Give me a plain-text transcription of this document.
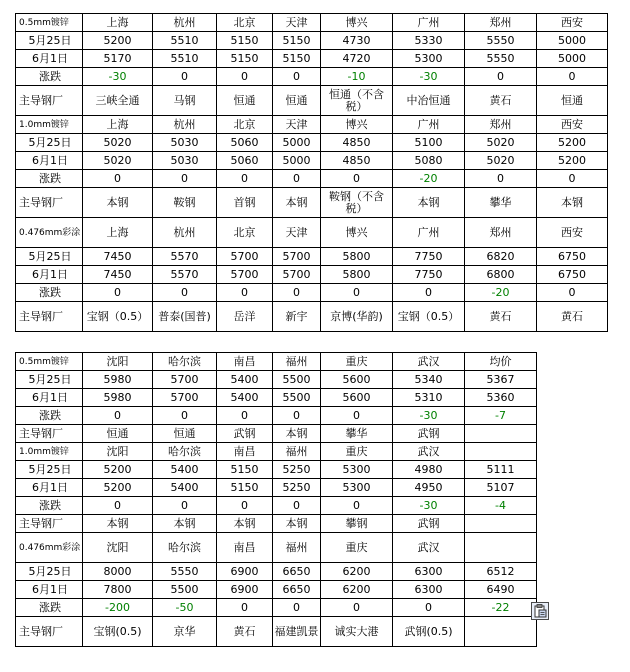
0.5mm镀锌	上海	杭州	北京	天津	博兴	广州	郑州	西安
5月25日	5200	5510	5150	5150	4730	5330	5550	5000
6月1日	5170	5510	5150	5150	4720	5300	5550	5000
涨跌	-30	0	0	0	-10	-30	0	0
主导钢厂	三峡全通	马钢	恒通	恒通	恒通（不含税）	中冶恒通	黄石	恒通
1.0mm镀锌	上海	杭州	北京	天津	博兴	广州	郑州	西安
5月25日	5020	5030	5060	5000	4850	5100	5020	5200
6月1日	5020	5030	5060	5000	4850	5080	5020	5200
涨跌	0	0	0	0	0	-20	0	0
主导钢厂	本钢	鞍钢	首钢	本钢	鞍钢（不含税）	本钢	攀华	本钢
0.476mm彩涂	上海	杭州	北京	天津	博兴	广州	郑州	西安
5月25日	7450	5570	5700	5700	5800	7750	6820	6750
6月1日	7450	5570	5700	5700	5800	7750	6800	6750
涨跌	0	0	0	0	0	0	-20	0
主导钢厂	宝钢（0.5）	普泰(国普)	岳洋	新宇	京博(华韵)	宝钢（0.5）	黄石	黄石
0.5mm镀锌	沈阳	哈尔滨	南昌	福州	重庆	武汉	均价
5月25日	5980	5700	5400	5500	5600	5340	5367
6月1日	5980	5700	5400	5500	5600	5310	5360
涨跌	0	0	0	0	0	-30	-7
主导钢厂	恒通	恒通	武钢	本钢	攀华	武钢	
1.0mm镀锌	沈阳	哈尔滨	南昌	福州	重庆	武汉	
5月25日	5200	5400	5150	5250	5300	4980	5111
6月1日	5200	5400	5150	5250	5300	4950	5107
涨跌	0	0	0	0	0	-30	-4
主导钢厂	本钢	本钢	本钢	本钢	攀钢	武钢	
0.476mm彩涂	沈阳	哈尔滨	南昌	福州	重庆	武汉	
5月25日	8000	5550	6900	6650	6200	6300	6512
6月1日	7800	5500	6900	6650	6200	6300	6490
涨跌	-200	-50	0	0	0	0	-22
主导钢厂	宝钢(0.5)	京华	黄石	福建凯景	诚实大港	武钢(0.5)	
